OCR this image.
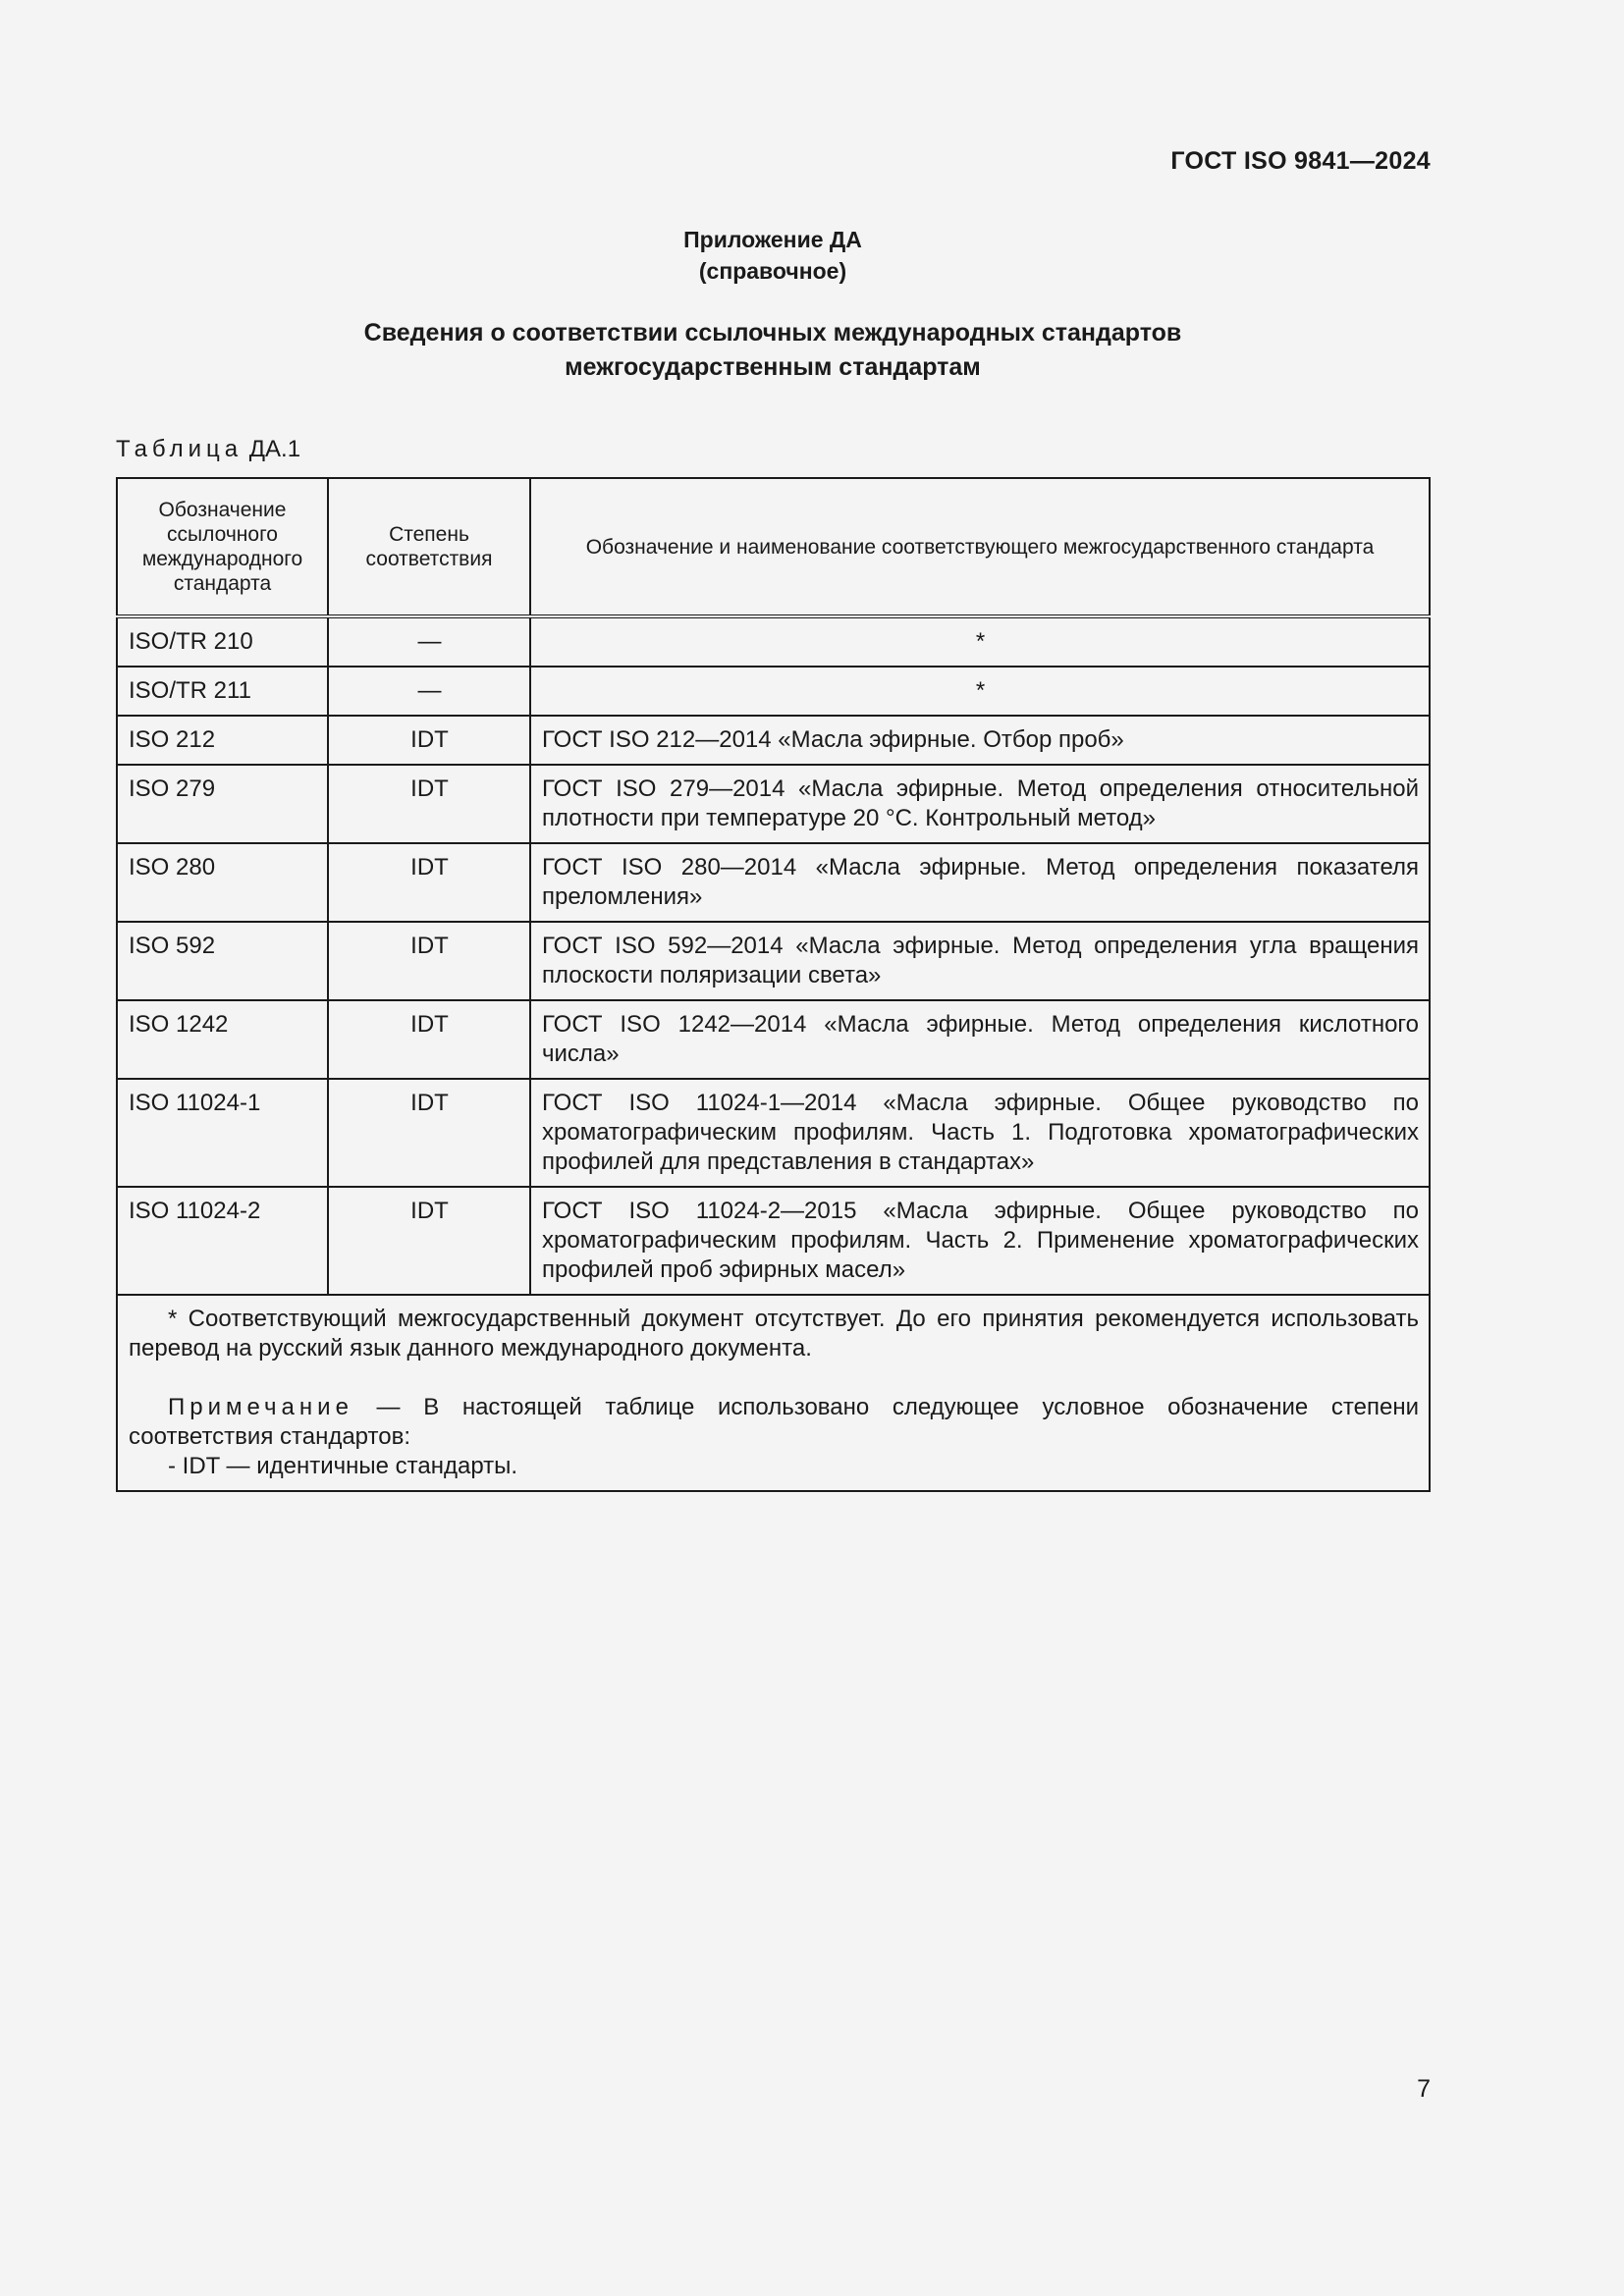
ГОСТ ISO 9841—2024
Приложение ДА
(справочное)
Сведения о соответствии ссылочных международных стандартов
межгосударственным стандартам
Таблица ДА.1
Обозначение ссылочного международного стандарта	Степень соответствия	Обозначение и наименование соответствующего межгосударственного стандарта
ISO/TR 210	—	*
ISO/TR 211	—	*
ISO 212	IDT	ГОСТ ISO 212—2014 «Масла эфирные. Отбор проб»
ISO 279	IDT	ГОСТ ISO 279—2014 «Масла эфирные. Метод определения относительной плотности при температуре 20 °С. Контрольный метод»
ISO 280	IDT	ГОСТ ISO 280—2014 «Масла эфирные. Метод определения показателя преломления»
ISO 592	IDT	ГОСТ ISO 592—2014 «Масла эфирные. Метод определения угла вращения плоскости поляризации света»
ISO 1242	IDT	ГОСТ ISO 1242—2014 «Масла эфирные. Метод определения кислотного числа»
ISO 11024-1	IDT	ГОСТ ISO 11024-1—2014 «Масла эфирные. Общее руководство по хроматографическим профилям. Часть 1. Подготовка хроматографических профилей для представления в стандартах»
ISO 11024-2	IDT	ГОСТ ISO 11024-2—2015 «Масла эфирные. Общее руководство по хроматографическим профилям. Часть 2. Применение хроматографических профилей проб эфирных масел»

* Соответствующий межгосударственный документ отсутствует. До его принятия рекомендуется использовать перевод на русский язык данного международного документа.
Примечание — В настоящей таблице использовано следующее условное обозначение степени соответствия стандартов:
- IDT — идентичные стандарты.		
7
